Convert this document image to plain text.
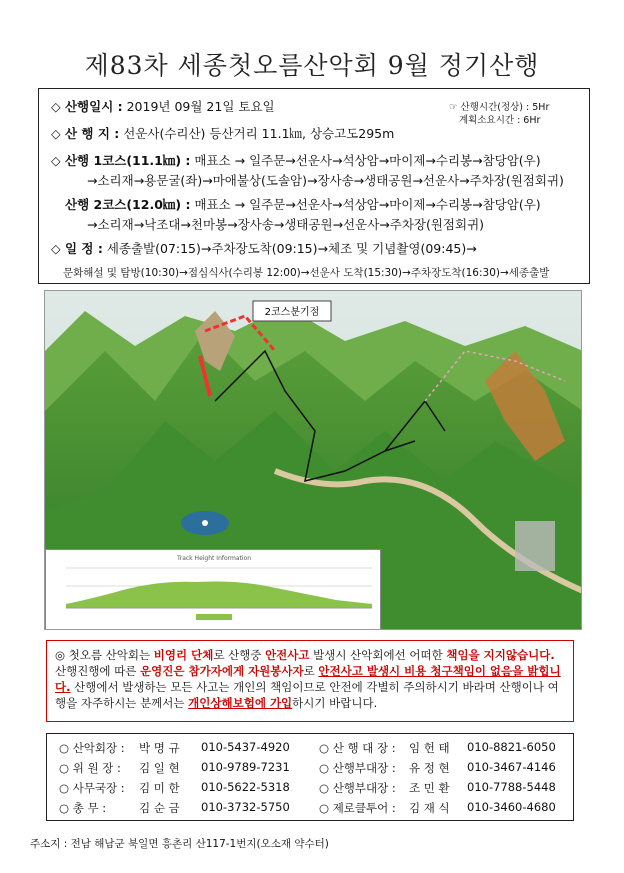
제83차 세종첫오름산악회 9월 정기산행
◇ 산행일시 : 2019년 09월 21일 토요일
◇ 산 행 지 : 선운사(수리산) 등산거리 11.1㎞, 상승고도295m
☞ 산행시간(정상) : 5Hr
계획소요시간 : 6Hr
◇ 산행 1코스(11.1㎞) : 매표소 → 일주문→선운사→석상암→마이제→수리봉→참당암(우)
→소리재→용문굴(좌)→마애불상(도솔암)→장사송→생태공원→선운사→주차장(원점회귀)
산행 2코스(12.0㎞) : 매표소 → 일주문→선운사→석상암→마이제→수리봉→참당암(우)
→소리재→낙조대→천마봉→장사송→생태공원→선운사→주차장(원점회귀)
◇ 일 정 : 세종출발(07:15)→주차장도착(09:15)→체조 및 기념촬영(09:45)→
문화해설 및 탐방(10:30)→점심식사(수리봉 12:00)→선운사 도착(15:30)→주차장도착(16:30)→세종출발
2코스분기점
Track Height Information
◎ 첫오름 산악회는 비영리 단체로 산행중 안전사고 발생시 산악회에선 어떠한 책임을 지지않습니다. 산행진행에 따른 운영진은 참가자에게 자원봉사자로 안전사고 발생시 비용 청구책임이 없음을 밝힙니다. 산행에서 발생하는 모든 사고는 개인의 책임이므로 안전에 각별히 주의하시기 바라며 산행이나 여행을 자주하시는 분께서는 개인상해보험에 가입하시기 바랍니다.
○ 산악회장 : 박 명 규 010-5437-4920	○ 산 행 대 장 : 임 헌 태 010-8821-6050
○ 위 원 장 : 김 일 현 010-9789-7231	○ 산행부대장 : 유 정 현 010-3467-4146
○ 사무국장 : 김 미 한 010-5622-5318	○ 산행부대장 : 조 민 환 010-7788-5448
○ 총 무 :	김 순 금 010-3732-5750	○ 제로클투어 : 김 재 식 010-3460-4680
주소지 : 전남 해남군 북일면 흥촌리 산117-1번지(오소재 약수터)
